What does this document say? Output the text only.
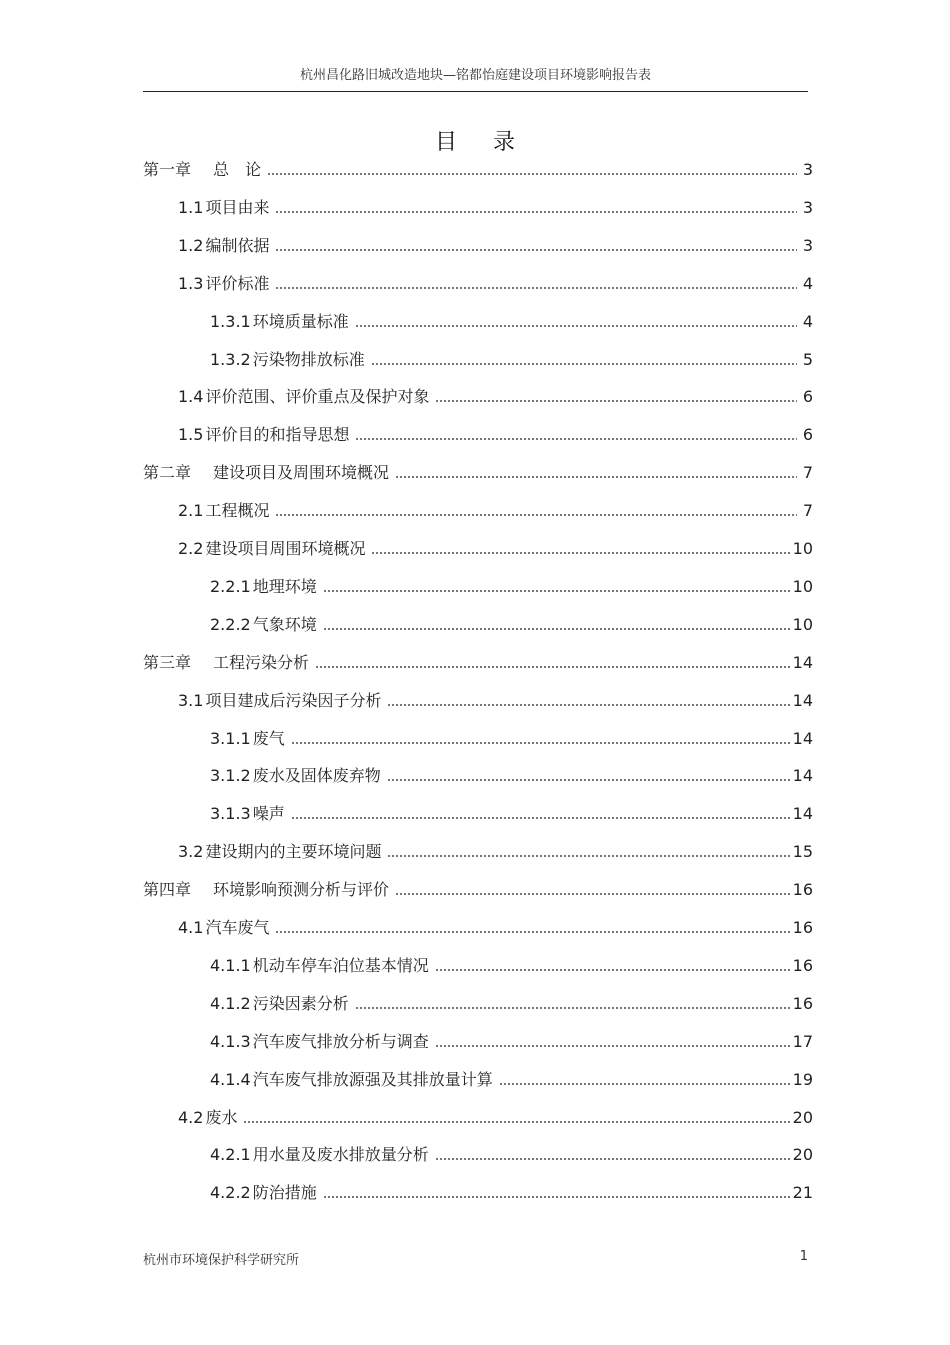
杭州昌化路旧城改造地块—铭都怡庭建设项目环境影响报告表
目录
第一章 总　论	3
1.1 项目由来	3
1.2 编制依据	3
1.3 评价标准	4
1.3.1 环境质量标准	4
1.3.2 污染物排放标准	5
1.4 评价范围、评价重点及保护对象	6
1.5 评价目的和指导思想	6
第二章 建设项目及周围环境概况	7
2.1 工程概况	7
2.2 建设项目周围环境概况	10
2.2.1 地理环境	10
2.2.2 气象环境	10
第三章 工程污染分析	14
3.1 项目建成后污染因子分析	14
3.1.1 废气	14
3.1.2 废水及固体废弃物	14
3.1.3 噪声	14
3.2 建设期内的主要环境问题	15
第四章 环境影响预测分析与评价	16
4.1 汽车废气	16
4.1.1 机动车停车泊位基本情况	16
4.1.2 污染因素分析	16
4.1.3 汽车废气排放分析与调查	17
4.1.4 汽车废气排放源强及其排放量计算	19
4.2 废水	20
4.2.1 用水量及废水排放量分析	20
4.2.2 防治措施	21
杭州市环境保护科学研究所	1
